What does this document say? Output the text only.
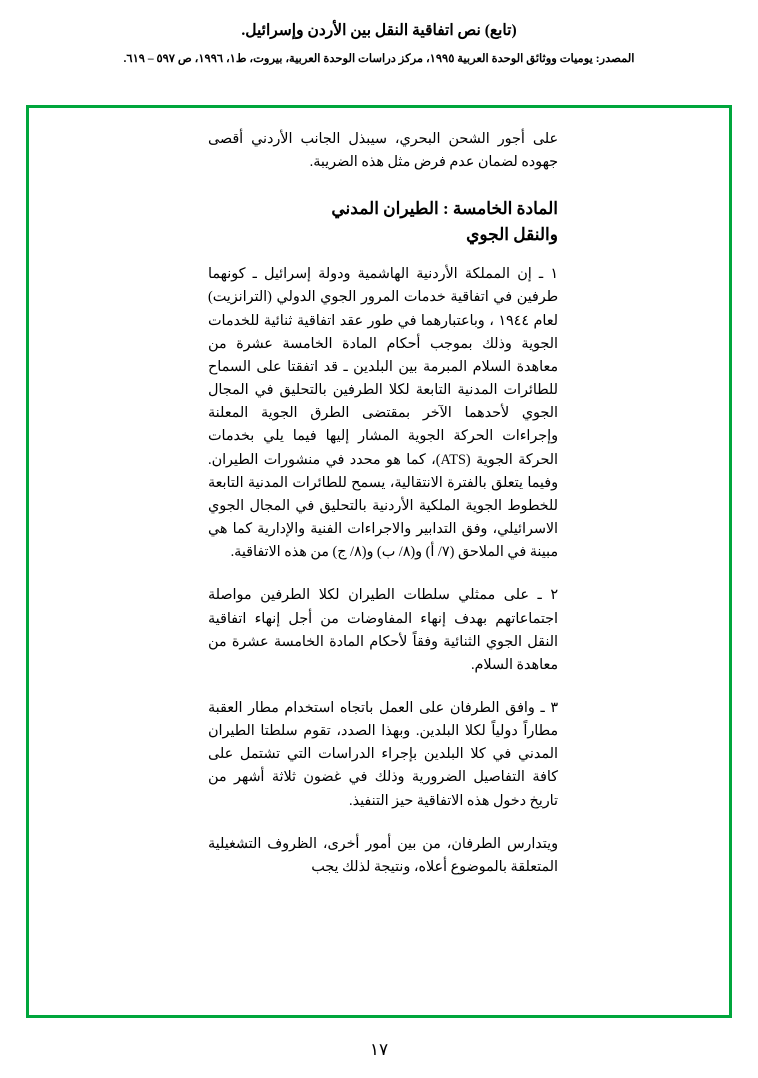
(تابع) نص اتفاقية النقل بين الأردن وإسرائيل.
المصدر: يوميات ووثائق الوحدة العربية ١٩٩٥، مركز دراسات الوحدة العربية، بيروت، ط١، ١٩٩٦، ص ٥٩٧ – ٦١٩.

على أجور الشحن البحري، سيبذل الجانب الأردني أقصى جهوده لضمان عدم فرض مثل هذه الضريبة.

المادة الخامسة : الطيران المدني
والنقل الجوي

١ ـ إن المملكة الأردنية الهاشمية ودولة إسرائيل ـ كونهما طرفين في اتفاقية خدمات المرور الجوي الدولي (الترانزيت) لعام ١٩٤٤ ، وباعتبارهما في طور عقد اتفاقية ثنائية للخدمات الجوية وذلك بموجب أحكام المادة الخامسة عشرة من معاهدة السلام المبرمة بين البلدين ـ قد اتفقتا على السماح للطائرات المدنية التابعة لكلا الطرفين بالتحليق في المجال الجوي لأحدهما الآخر بمقتضى الطرق الجوية المعلنة وإجراءات الحركة الجوية المشار إليها فيما يلي بخدمات الحركة الجوية (ATS)، كما هو محدد في منشورات الطيران. وفيما يتعلق بالفترة الانتقالية، يسمح للطائرات المدنية التابعة للخطوط الجوية الملكية الأردنية بالتحليق في المجال الجوي الاسرائيلي، وفق التدابير والاجراءات الفنية والإدارية كما هي مبينة في الملاحق (٧/ أ) و(٨/ ب) و(٨/ ج) من هذه الاتفاقية.

٢ ـ على ممثلي سلطات الطيران لكلا الطرفين مواصلة اجتماعاتهم بهدف إنهاء المفاوضات من أجل إنهاء اتفاقية النقل الجوي الثنائية وفقاً لأحكام المادة الخامسة عشرة من معاهدة السلام.

٣ ـ وافق الطرفان على العمل باتجاه استخدام مطار العقبة مطاراً دولياً لكلا البلدين. وبهذا الصدد، تقوم سلطتا الطيران المدني في كلا البلدين بإجراء الدراسات التي تشتمل على كافة التفاصيل الضرورية وذلك في غضون ثلاثة أشهر من تاريخ دخول هذه الاتفاقية حيز التنفيذ.

ويتدارس الطرفان، من بين أمور أخرى، الظروف التشغيلية المتعلقة بالموضوع أعلاه، ونتيجة لذلك يجب

١٧
